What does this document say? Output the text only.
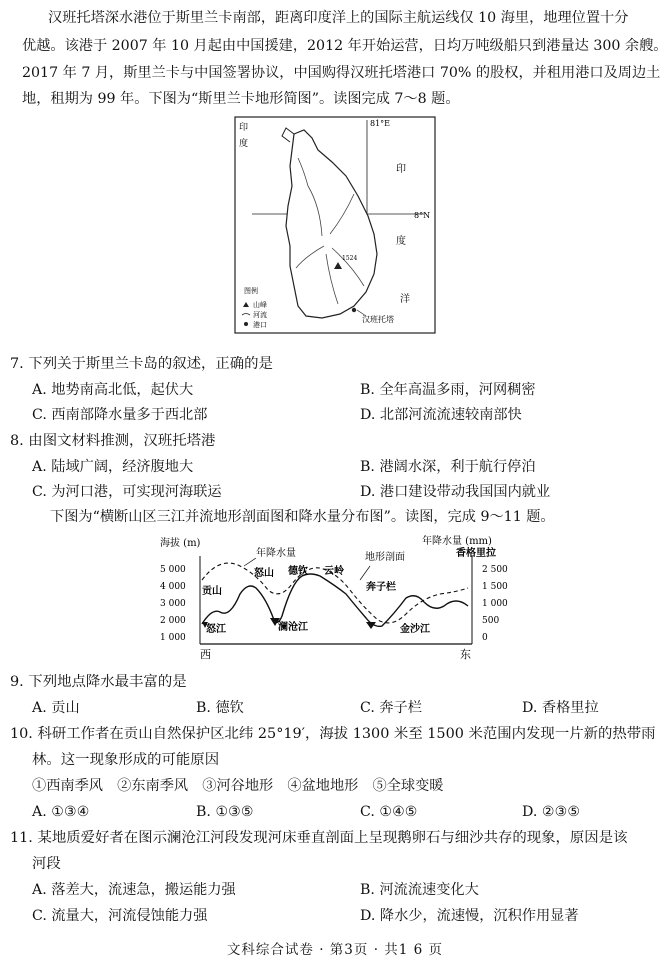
汉班托塔深水港位于斯里兰卡南部，距离印度洋上的国际主航运线仅 10 海里，地理位置十分
优越。该港于 2007 年 10 月起由中国援建，2012 年开始运营，日均万吨级船只到港量达 300 余艘。
2017 年 7 月，斯里兰卡与中国签署协议，中国购得汉班托塔港口 70% 的股权，并租用港口及周边土
地，租期为 99 年。下图为“斯里兰卡地形简图”。读图完成 7～8 题。
81°E
8°N
1524
汉班托塔
印
度
印
度
洋
图例
山峰
河流
港口
7. 下列关于斯里兰卡岛的叙述，正确的是
A. 地势南高北低，起伏大	B. 全年高温多雨，河网稠密
C. 西南部降水量多于西北部	D. 北部河流流速较南部快
8. 由图文材料推测，汉班托塔港
A. 陆域广阔，经济腹地大	B. 港阔水深，利于航行停泊
C. 为河口港，可实现河海联运	D. 港口建设带动我国国内就业
下图为“横断山区三江并流地形剖面图和降水量分布图”。读图，完成 9～11 题。
海拔 (m)	年降水量 (mm)
5 000
4 000
3 000
2 000
1 000
2 500
1 500
1 000
500
0
年降水量	地形剖面
贡山
怒江
怒山 德钦
澜沧江
云岭
奔子栏
金沙江
香格里拉
西	东
9. 下列地点降水最丰富的是
A. 贡山	B. 德钦	C. 奔子栏	D. 香格里拉
10. 科研工作者在贡山自然保护区北纬 25°19′，海拔 1300 米至 1500 米范围内发现一片新的热带雨
林。这一现象形成的可能原因
①西南季风　②东南季风　③河谷地形　④盆地地形　⑤全球变暖
A. ①③④	B. ①③⑤	C. ①④⑤	D. ②③⑤
11. 某地质爱好者在图示澜沧江河段发现河床垂直剖面上呈现鹅卵石与细沙共存的现象，原因是该
河段
A. 落差大，流速急，搬运能力强	B. 河流流速变化大
C. 流量大，河流侵蚀能力强	D. 降水少，流速慢，沉积作用显著
文科综合试卷 · 第3页 · 共1 6 页
